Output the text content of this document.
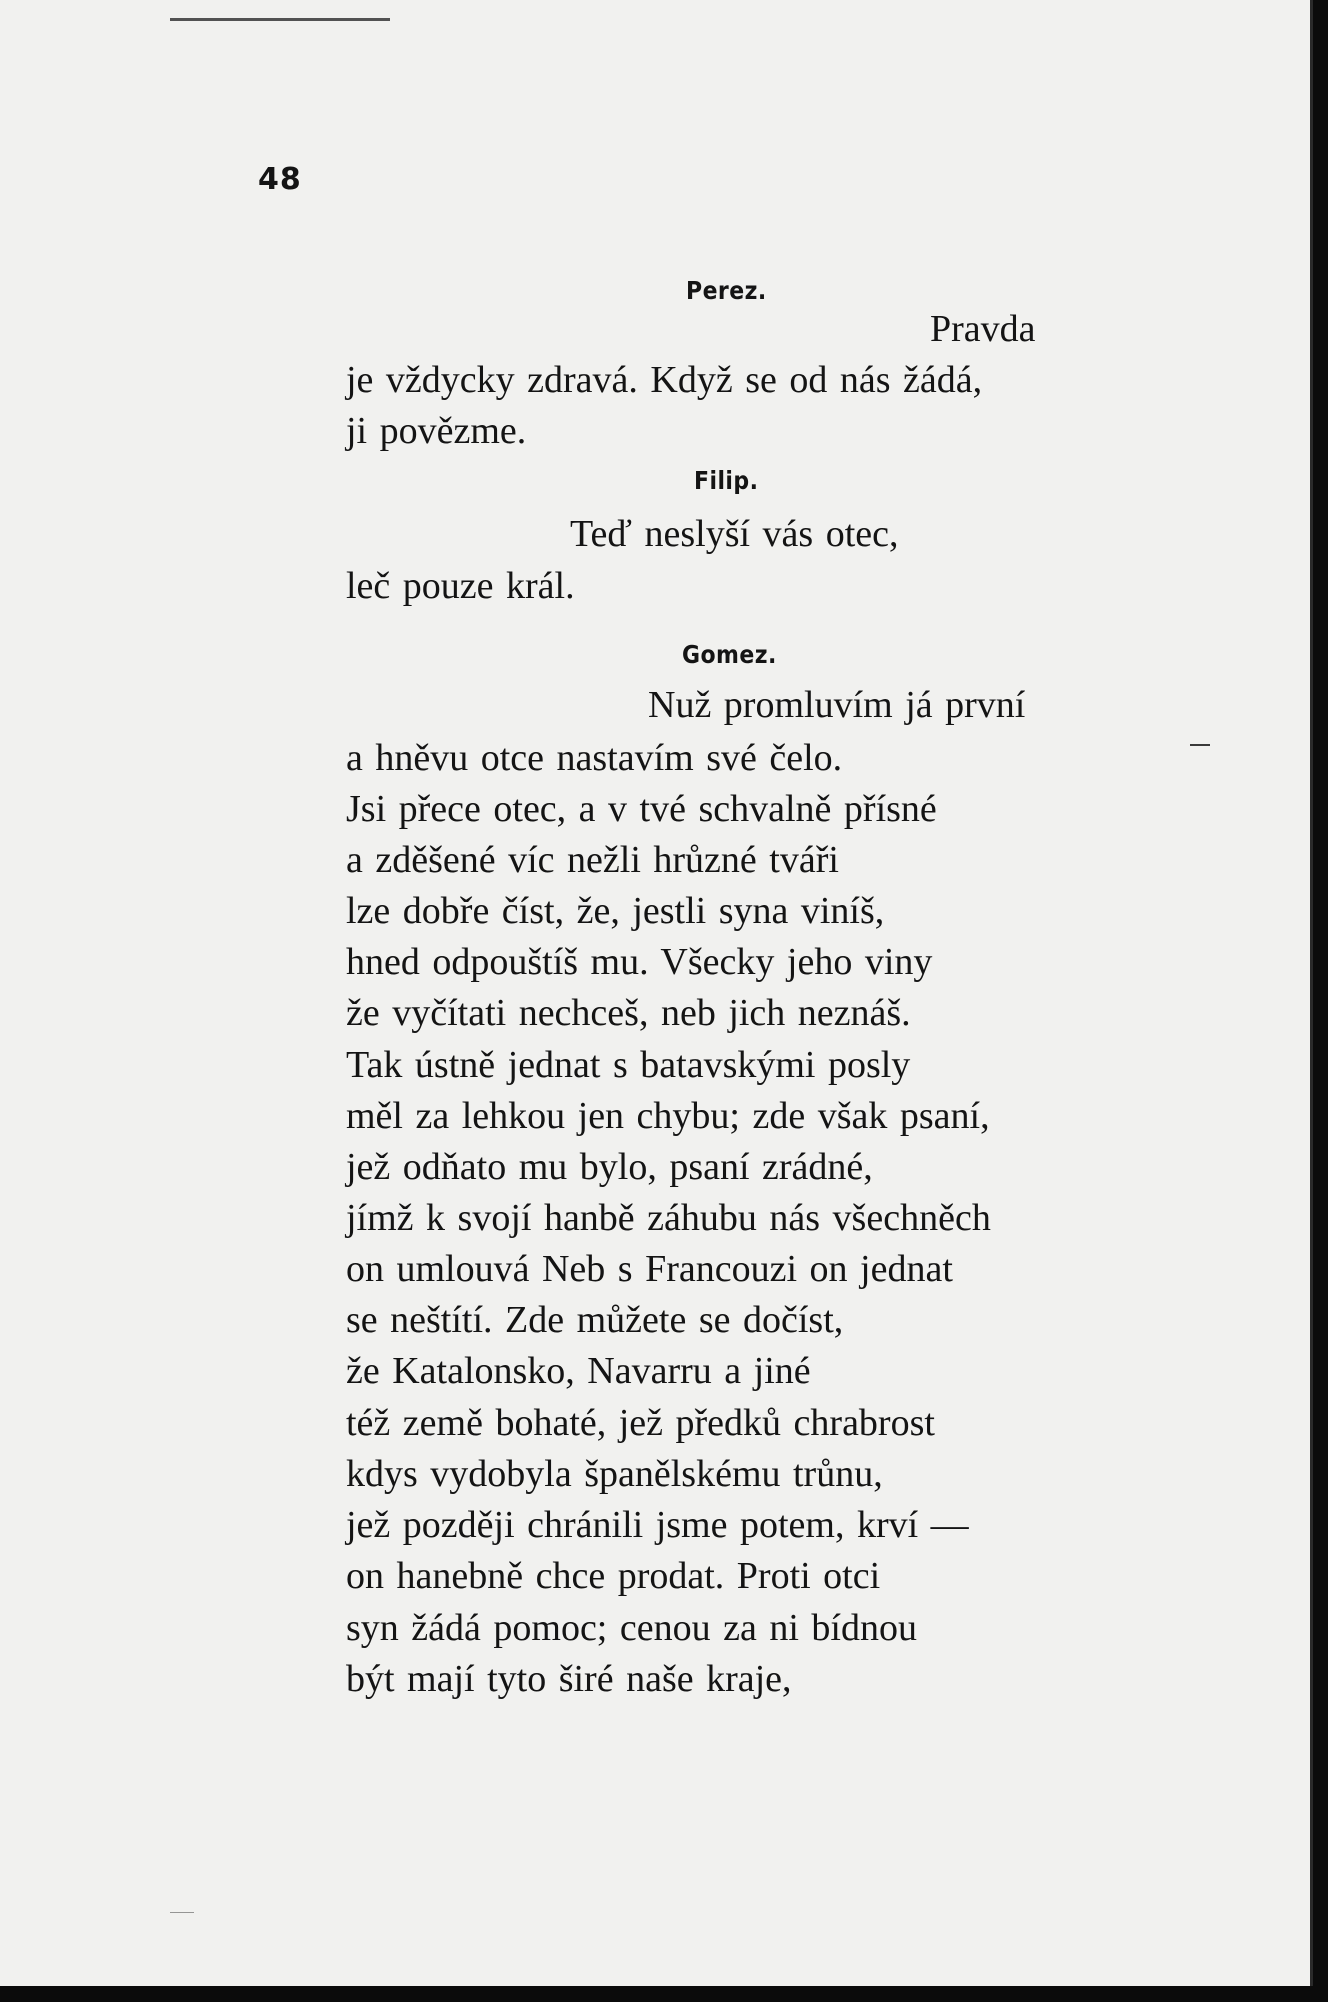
48
Perez.
Pravda
je vždycky zdravá. Když se od nás žádá,
ji povězme.
Filip.
Teď neslyší vás otec,
leč pouze král.
Gomez.
Nuž promluvím já první
a hněvu otce nastavím své čelo.
Jsi přece otec, a v tvé schvalně přísné
a zděšené víc nežli hrůzné tváři
lze dobře číst, že, jestli syna viníš,
hned odpouštíš mu. Všecky jeho viny
že vyčítati nechceš, neb jich neznáš.
Tak ústně jednat s batavskými posly
měl za lehkou jen chybu; zde však psaní,
jež odňato mu bylo, psaní zrádné,
jímž k svojí hanbě záhubu nás všechněch
on umlouvá Neb s Francouzi on jednat
se neštítí. Zde můžete se dočíst,
že Katalonsko, Navarru a jiné
též země bohaté, jež předků chrabrost
kdys vydobyla španělskému trůnu,
jež později chránili jsme potem, krví —
on hanebně chce prodat. Proti otci
syn žádá pomoc; cenou za ni bídnou
být mají tyto širé naše kraje,
